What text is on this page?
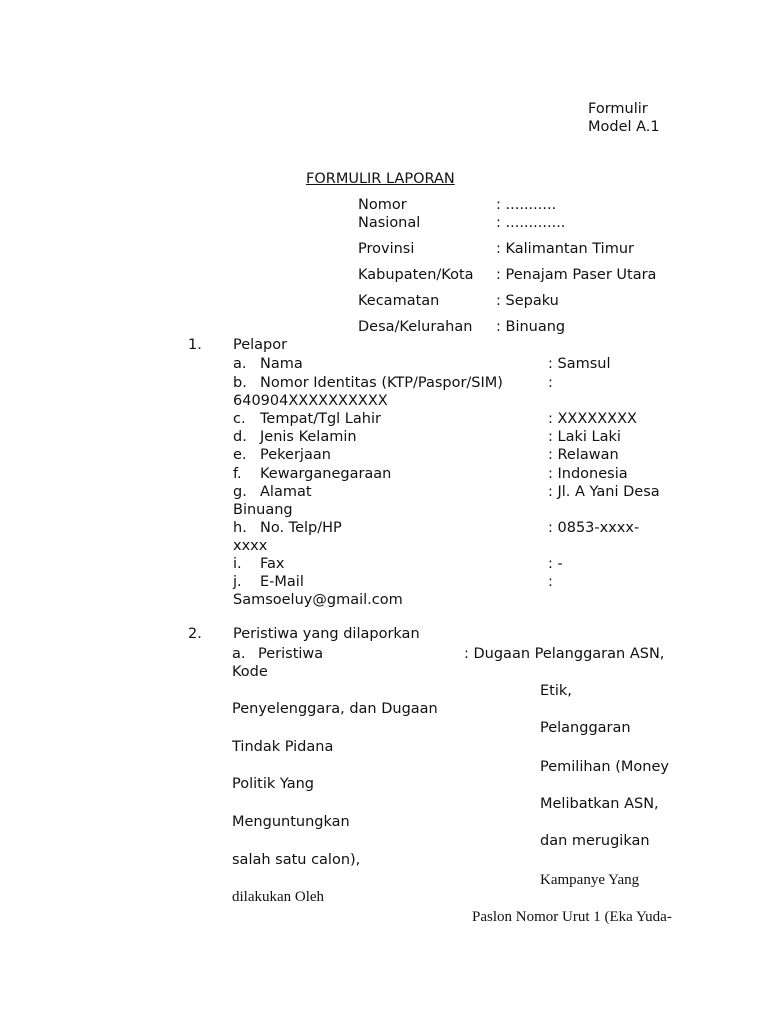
Formulir
Model A.1
FORMULIR LAPORAN
Nomor	: ...........
Nasional	: .............
Provinsi	: Kalimantan Timur
Kabupaten/Kota : Penajam Paser Utara
Kecamatan	: Sepaku
Desa/Kelurahan : Binuang
1. Pelapor
a. Nama	: Samsul
b. Nomor Identitas (KTP/Paspor/SIM)	:
640904XXXXXXXXXX
c. Tempat/Tgl Lahir	: XXXXXXXX
d. Jenis Kelamin	: Laki Laki
e. Pekerjaan	: Relawan
f. Kewarganegaraan	: Indonesia
g. Alamat	: Jl. A Yani Desa
Binuang
h. No. Telp/HP	: 0853-xxxx-
xxxx
i. Fax	: -
j. E-Mail	:
Samsoeluy@gmail.com
2. Peristiwa yang dilaporkan
a. Peristiwa	: Dugaan Pelanggaran ASN,
Kode
Etik,
Penyelenggara, dan Dugaan
Pelanggaran
Tindak Pidana
Pemilihan (Money
Politik Yang
Melibatkan ASN,
Menguntungkan
dan merugikan
salah satu calon),
Kampanye Yang
dilakukan Oleh
Paslon Nomor Urut 1 (Eka Yuda-
